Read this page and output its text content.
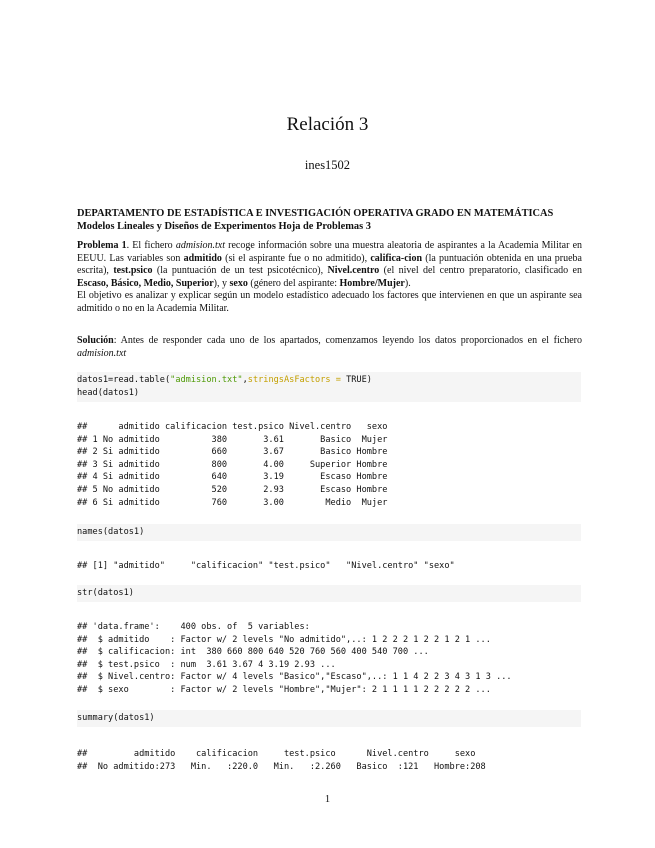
Relación 3
ines1502
DEPARTAMENTO DE ESTADÍSTICA E INVESTIGACIÓN OPERATIVA GRADO EN MATEMÁTICAS Modelos Lineales y Diseños de Experimentos Hoja de Problemas 3
Problema 1. El fichero admision.txt recoge información sobre una muestra aleatoria de aspirantes a la Academia Militar en EEUU. Las variables son admitido (si el aspirante fue o no admitido), califica-cion (la puntuación obtenida en una prueba escrita), test.psico (la puntuación de un test psicotécnico), Nivel.centro (el nivel del centro preparatorio, clasificado en Escaso, Básico, Medio, Superior), y sexo (género del aspirante: Hombre/Mujer).
El objetivo es analizar y explicar según un modelo estadístico adecuado los factores que intervienen en que un aspirante sea admitido o no en la Academia Militar.
Solución: Antes de responder cada uno de los apartados, comenzamos leyendo los datos proporcionados en el fichero admision.txt
datos1=read.table("admision.txt",stringsAsFactors = TRUE)
head(datos1)
##      admitido calificacion test.psico Nivel.centro   sexo
## 1 No admitido          380       3.61       Basico  Mujer
## 2 Si admitido          660       3.67       Basico Hombre
## 3 Si admitido          800       4.00     Superior Hombre
## 4 Si admitido          640       3.19       Escaso Hombre
## 5 No admitido          520       2.93       Escaso Hombre
## 6 Si admitido          760       3.00        Medio  Mujer
names(datos1)
## [1] "admitido"     "calificacion" "test.psico"   "Nivel.centro" "sexo"
str(datos1)
## 'data.frame':    400 obs. of  5 variables:
##  $ admitido    : Factor w/ 2 levels "No admitido",..: 1 2 2 2 1 2 2 1 2 1 ...
##  $ calificacion: int  380 660 800 640 520 760 560 400 540 700 ...
##  $ test.psico  : num  3.61 3.67 4 3.19 2.93 ...
##  $ Nivel.centro: Factor w/ 4 levels "Basico","Escaso",..: 1 1 4 2 2 3 4 3 1 3 ...
##  $ sexo        : Factor w/ 2 levels "Hombre","Mujer": 2 1 1 1 1 2 2 2 2 2 ...
summary(datos1)
##         admitido    calificacion     test.psico      Nivel.centro     sexo
##  No admitido:273   Min.   :220.0   Min.   :2.260   Basico  :121   Hombre:208
1
